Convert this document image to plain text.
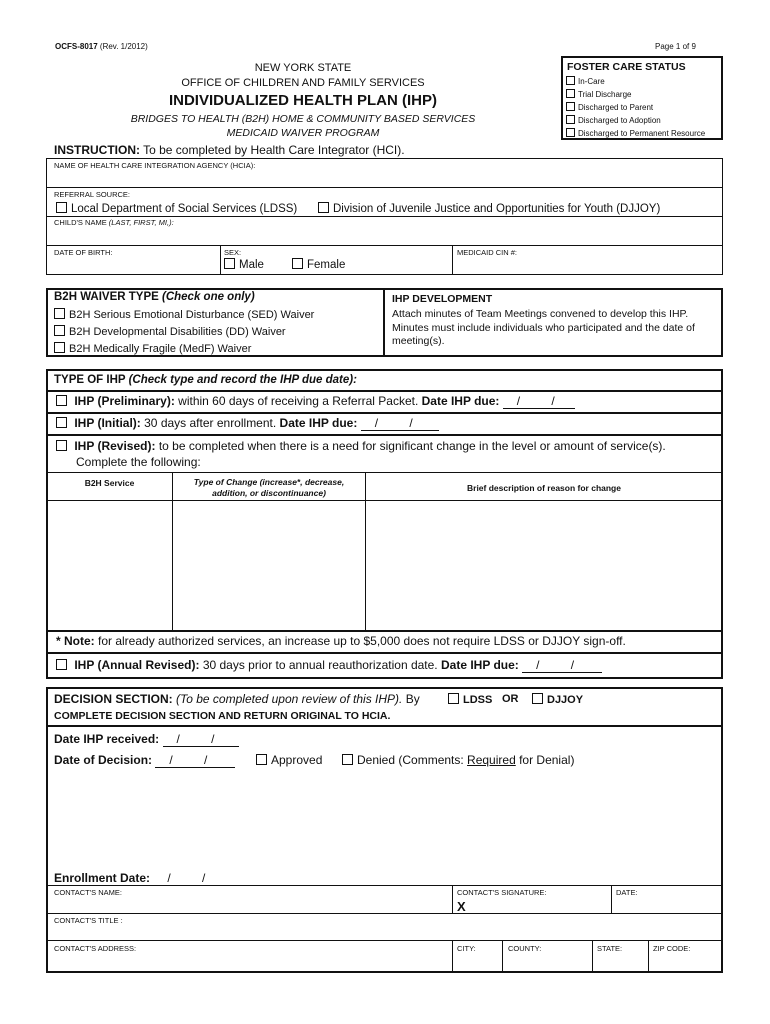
OCFS-8017 (Rev. 1/2012)	Page 1 of 9
NEW YORK STATE
OFFICE OF CHILDREN AND FAMILY SERVICES
INDIVIDUALIZED HEALTH PLAN (IHP)
BRIDGES TO HEALTH (B2H) HOME & COMMUNITY BASED SERVICES
MEDICAID WAIVER PROGRAM
FOSTER CARE STATUS
In-Care
Trial Discharge
Discharged to Parent
Discharged to Adoption
Discharged to Permanent Resource
INSTRUCTION: To be completed by Health Care Integrator (HCI).
NAME OF HEALTH CARE INTEGRATION AGENCY (HCIA):
REFERRAL SOURCE:
Local Department of Social Services (LDSS)	Division of Juvenile Justice and Opportunities for Youth (DJJOY)
CHILD'S NAME (LAST, FIRST, MI,):
DATE OF BIRTH:	SEX:
Male	Female
MEDICAID CIN #:
B2H WAIVER TYPE (Check one only)
B2H Serious Emotional Disturbance (SED) Waiver
B2H Developmental Disabilities (DD) Waiver
B2H Medically Fragile (MedF) Waiver
IHP DEVELOPMENT
Attach minutes of Team Meetings convened to develop this IHP. Minutes must include individuals who participated and the date of meeting(s).
TYPE OF IHP (Check type and record the IHP due date):
IHP (Preliminary): within 60 days of receiving a Referral Packet. Date IHP due: / /
IHP (Initial): 30 days after enrollment. Date IHP due: / /
IHP (Revised): to be completed when there is a need for significant change in the level or amount of service(s).
Complete the following:
B2H Service	Type of Change (increase*, decrease, addition, or discontinuance)	Brief description of reason for change
* Note: for already authorized services, an increase up to $5,000 does not require LDSS or DJJOY sign-off.
IHP (Annual Revised): 30 days prior to annual reauthorization date. Date IHP due: / /
DECISION SECTION: (To be completed upon review of this IHP). By	LDSS OR	DJJOY
COMPLETE DECISION SECTION AND RETURN ORIGINAL TO HCIA.
Date IHP received: / /
Date of Decision: / /	Approved	Denied (Comments: Required for Denial)
Enrollment Date: / /
CONTACT'S NAME:	CONTACT'S SIGNATURE:
X
DATE:
CONTACT'S TITLE :
CONTACT'S ADDRESS:	CITY:	COUNTY:	STATE:	ZIP CODE:
